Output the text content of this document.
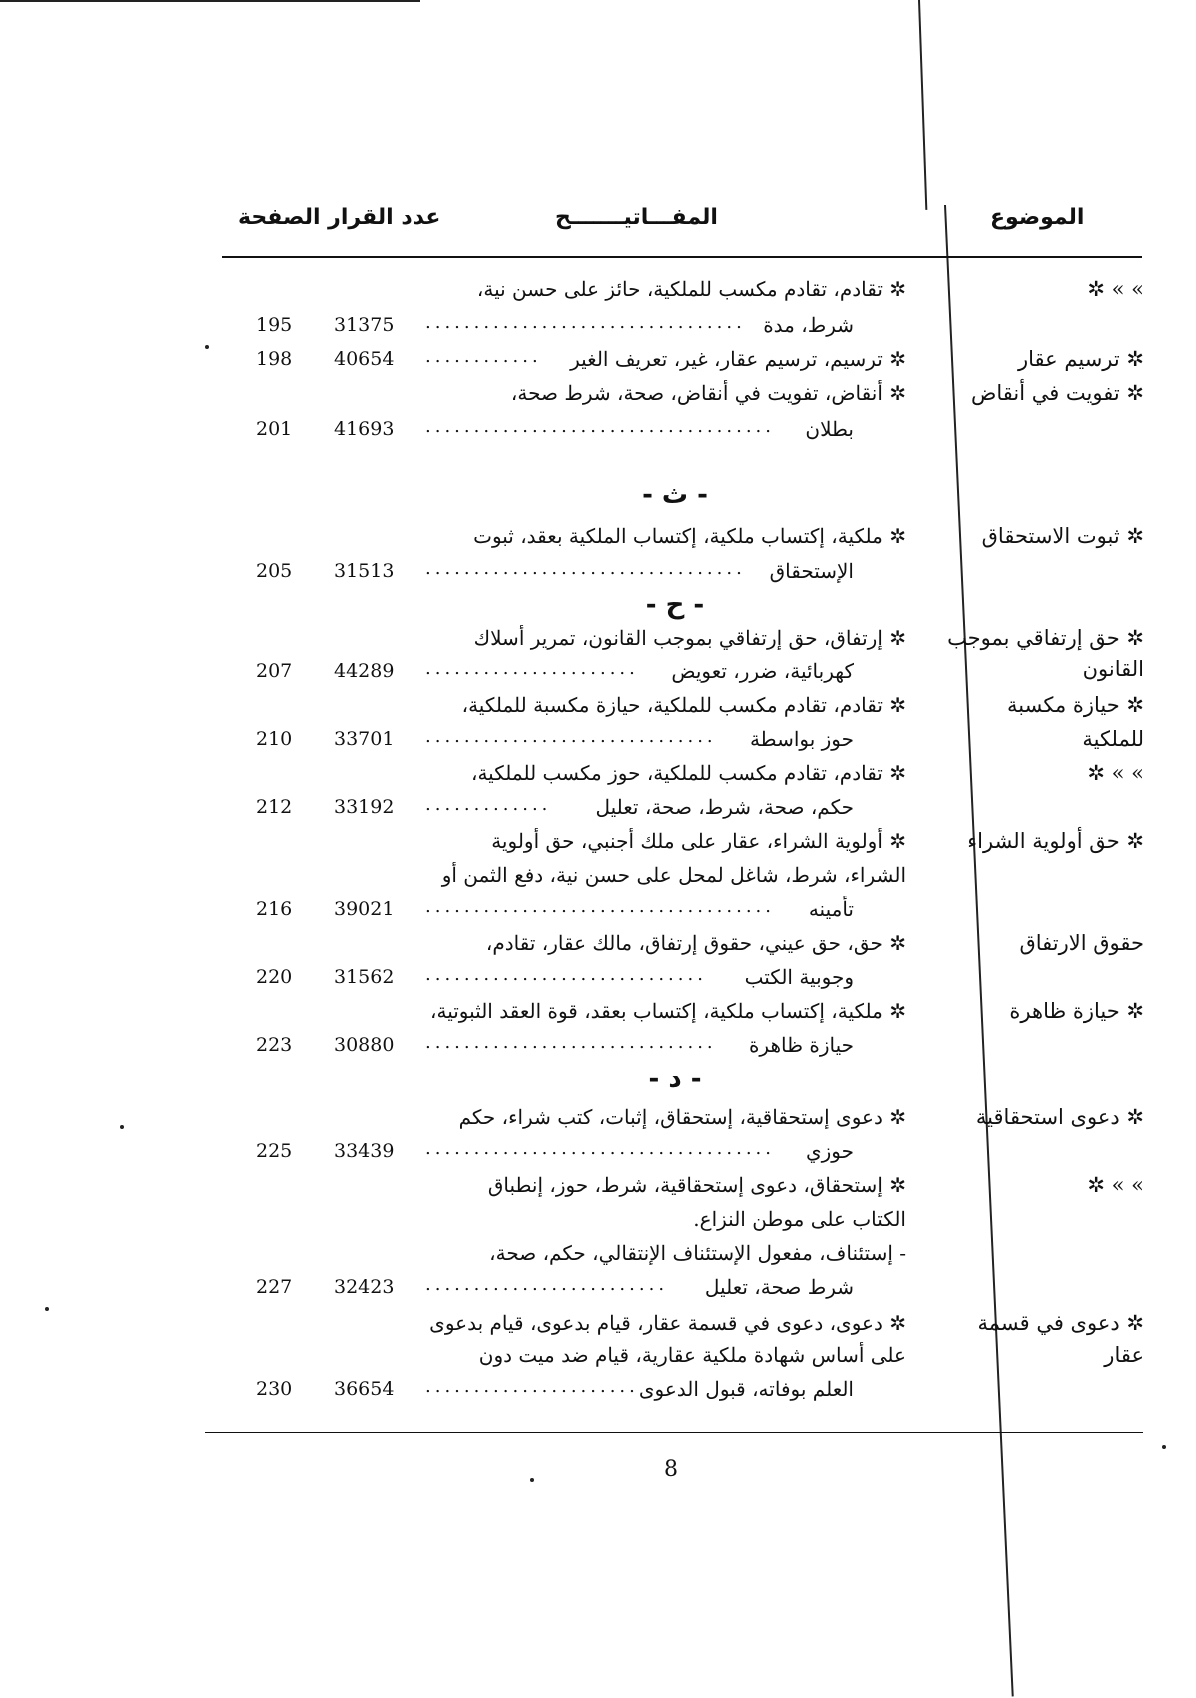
الموضوع
المفـــاتيـــــــح
عدد القرار الصفحة
» » ✲
✲ تقادم، تقادم مكسب للملكية، حائز على حسن نية،
شرط، مدة
.................................
31375
195
✲ ترسيم عقار
✲ ترسيم، ترسيم عقار، غير، تعريف الغير
............
40654
198
✲ تفويت في أنقاض
✲ أنقاض، تفويت في أنقاض، صحة، شرط صحة،
بطلان
....................................
41693
201
- ث -
✲ ثبوت الاستحقاق
✲ ملكية، إكتساب ملكية، إكتساب الملكية بعقد، ثبوت
الإستحقاق
.................................
31513
205
- ح -
✲ حق إرتفاقي بموجب
القانون
✲ إرتفاق، حق إرتفاقي بموجب القانون، تمرير أسلاك
كهربائية، ضرر، تعويض
......................
44289
207
✲ حيازة مكسبة
للملكية
✲ تقادم، تقادم مكسب للملكية، حيازة مكسبة للملكية،
حوز بواسطة
..............................
33701
210
» » ✲
✲ تقادم، تقادم مكسب للملكية، حوز مكسب للملكية،
حكم، صحة، شرط، صحة، تعليل
.............
33192
212
✲ حق أولوية الشراء
✲ أولوية الشراء، عقار على ملك أجنبي، حق أولوية
الشراء، شرط، شاغل لمحل على حسن نية، دفع الثمن أو
تأمينه
....................................
39021
216
حقوق الارتفاق
✲ حق، حق عيني، حقوق إرتفاق، مالك عقار، تقادم،
وجوبية الكتب
.............................
31562
220
✲ حيازة ظاهرة
✲ ملكية، إكتساب ملكية، إكتساب بعقد، قوة العقد الثبوتية،
حيازة ظاهرة
..............................
30880
223
- د -
✲ دعوى استحقاقية
✲ دعوى إستحقاقية، إستحقاق، إثبات، كتب شراء، حكم
حوزي
....................................
33439
225
» » ✲
✲ إستحقاق، دعوى إستحقاقية، شرط، حوز، إنطباق
الكتاب على موطن النزاع.
- إستئناف، مفعول الإستئناف الإنتقالي، حكم، صحة،
شرط صحة، تعليل
.........................
32423
227
✲ دعوى في قسمة
عقار
✲ دعوى، دعوى في قسمة عقار، قيام بدعوى، قيام بدعوى
على أساس شهادة ملكية عقارية، قيام ضد ميت دون
العلم بوفاته، قبول الدعوى
......................
36654
230
8
